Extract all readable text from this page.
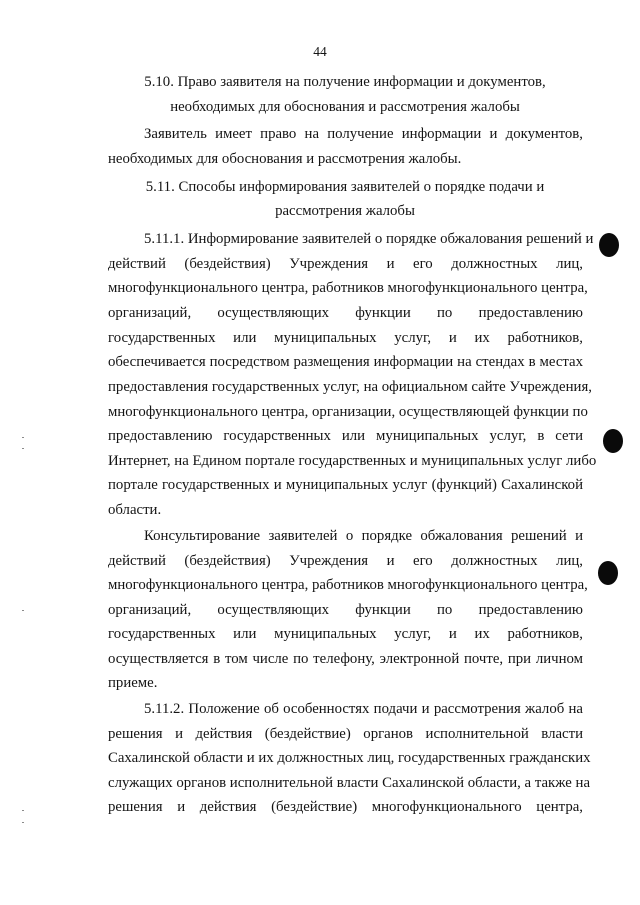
44
5.10. Право заявителя на получение информации и документов,
необходимых для обоснования и рассмотрения жалобы
Заявитель имеет право на получение информации и документов,
необходимых для обоснования и рассмотрения жалобы.
5.11. Способы информирования заявителей о порядке подачи и
рассмотрения жалобы
5.11.1. Информирование заявителей о порядке обжалования решений и
действий (бездействия) Учреждения и его должностных лиц,
многофункционального центра, работников многофункционального центра,
организаций, осуществляющих функции по предоставлению
государственных или муниципальных услуг, и их работников,
обеспечивается посредством размещения информации на стендах в местах
предоставления государственных услуг, на официальном сайте Учреждения,
многофункционального центра, организации, осуществляющей функции по
предоставлению государственных или муниципальных услуг, в сети
Интернет, на Едином портале государственных и муниципальных услуг либо
портале государственных и муниципальных услуг (функций) Сахалинской
области.
Консультирование заявителей о порядке обжалования решений и
действий (бездействия) Учреждения и его должностных лиц,
многофункционального центра, работников многофункционального центра,
организаций, осуществляющих функции по предоставлению
государственных или муниципальных услуг, и их работников,
осуществляется в том числе по телефону, электронной почте, при личном
приеме.
5.11.2. Положение об особенностях подачи и рассмотрения жалоб на
решения и действия (бездействие) органов исполнительной власти
Сахалинской области и их должностных лиц, государственных гражданских
служащих органов исполнительной власти Сахалинской области, а также на
решения и действия (бездействие) многофункционального центра,
